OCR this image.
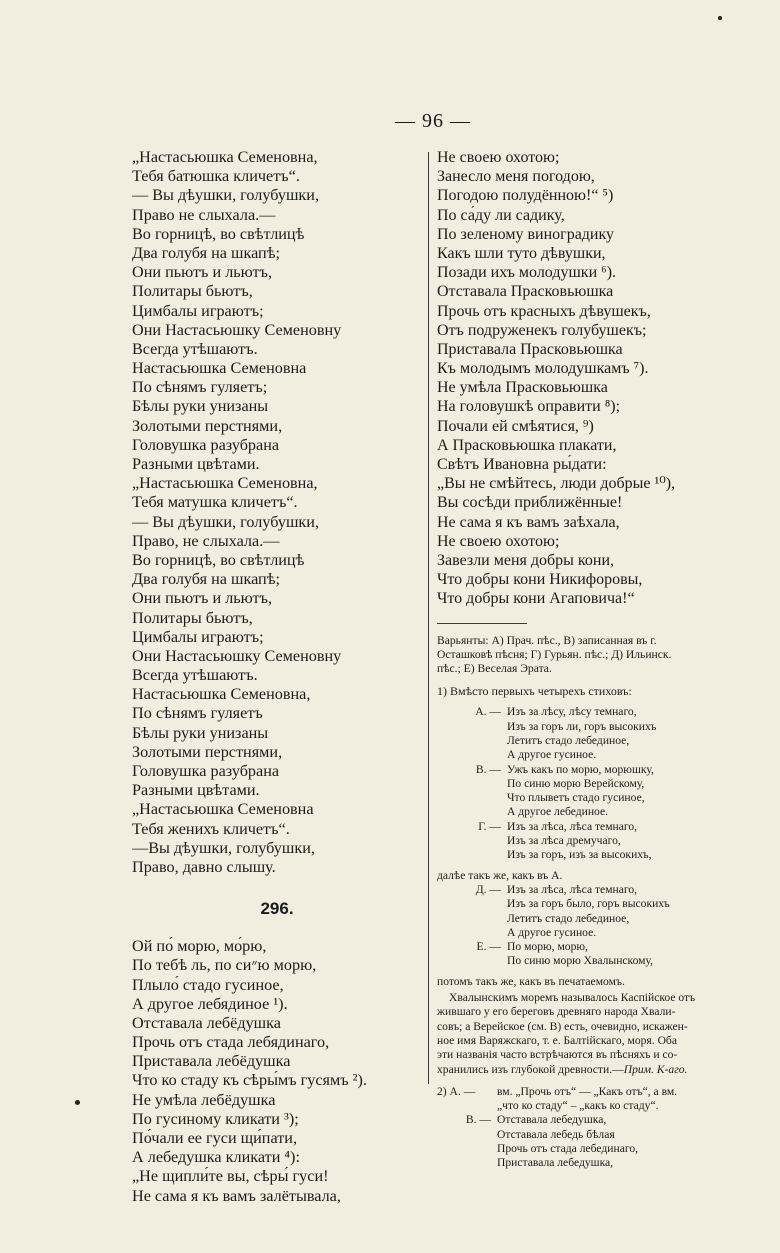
— 96 —
„Настасьюшка Семеновна,
Тебя батюшка кличетъ“.
— Вы дѣушки, голубушки,
Право не слыхала.—
Во горницѣ, во свѣтлицѣ
Два голубя на шкапѣ;
Они пьютъ и льютъ,
Политары бьютъ,
Цимбалы играютъ;
Они Настасьюшку Семеновну
Всегда утѣшаютъ.
Настасьюшка Семеновна
По сѣнямъ гуляетъ;
Бѣлы руки унизаны
Золотыми перстнями,
Головушка разубрана
Разными цвѣтами.
„Настасьюшка Семеновна,
Тебя матушка кличетъ“.
— Вы дѣушки, голубушки,
Право, не слыхала.—
Во горницѣ, во свѣтлицѣ
Два голубя на шкапѣ;
Они пьютъ и льютъ,
Политары бьютъ,
Цимбалы играютъ;
Они Настасьюшку Семеновну
Всегда утѣшаютъ.
Настасьюшка Семеновна,
По сѣнямъ гуляетъ
Бѣлы руки унизаны
Золотыми перстнями,
Головушка разубрана
Разными цвѣтами.
„Настасьюшка Семеновна
Тебя женихъ кличетъ“.
—Вы дѣушки, голубушки,
Право, давно слышу.
296.
Ой по́ морю, мо́рю,
По тебѣ ль, по си״ю морю,
Плыло́ стадо гусиное,
А другое лебядиное ¹).
Отставала лебёдушка
Прочь отъ стада лебядинаго,
Приставала лебёдушка
Что ко стаду къ сѣры́мъ гусямъ ²).
Не умѣла лебёдушка
По гусиному кликати ³);
По́чали ее гуси щи́пати,
А лебедушка кликати ⁴):
„Не щипли́те вы, сѣры́ гуси!
Не сама я къ вамъ залётывала,
Не своею охотою;
Занесло меня погодою,
Погодою полудённою!“ ⁵)
По са́ду ли садику,
По зеленому виноградику
Какъ шли туто дѣвушки,
Позади ихъ молодушки ⁶).
Отставала Прасковьюшка
Прочь отъ красныхъ дѣвушекъ,
Отъ подруженекъ голубушекъ;
Приставала Прасковьюшка
Къ молодымъ молодушкамъ ⁷).
Не умѣла Прасковьюшка
На головушкѣ оправити ⁸);
Почали ей смѣятися, ⁹)
А Прасковьюшка плакати,
Свѣтъ Ивановна ры́дати:
„Вы не смѣйтесь, люди добрые ¹⁰),
Вы сосѣди приближённые!
Не сама я къ вамъ заѣхала,
Не своею охотою;
Завезли меня добры кони,
Что добры кони Никифоровы,
Что добры кони Агаповича!“

Варьянты: А) Прач. пѣс., В) записанная въ г.

Осташковѣ пѣсня; Г) Гурьян. пѣс.; Д) Ильинск.

пѣс.; Е) Веселая Эрата.

1) Вмѣсто первыхъ четырехъ стиховъ:
А. — Изъ за лѣсу, лѣсу темнаго,
Изъ за горъ ли, горъ высокихъ
Летитъ стадо лебединое,
А другое гусиное.
В. — Ужъ какъ по морю, морюшку,
По синю морю Верейскому,
Что плыветъ стадо гусиное,
А другое лебединое.
Г. — Изъ за лѣса, лѣса темнаго,
Изъ за лѣса дремучаго,
Изъ за горъ, изъ за высокихъ,
далѣе такъ же, какъ въ А.
Д. — Изъ за лѣса, лѣса темнаго,
Изъ за горъ было, горъ высокихъ
Летитъ стадо лебединое,
А другое гусиное.
Е. — По морю, морю,
По синю морю Хвалынскому,
потомъ такъ же, какъ въ печатаемомъ.

Хвалынскимъ моремъ называлось Каспійское отъ

жившаго у его береговъ древняго народа Хвали-

совъ; а Верейское (см. В) есть, очевидно, искажен-

ное имя Варяжскаго, т. е. Балтійскаго, моря. Оба

эти названія часто встрѣчаются въ пѣсняхъ и со-

хранились изъ глубокой древности.—Прим. К-аго.

2) А. —	вм. „Прочь отъ“ — „Какъ отъ“, а вм.
„что ко стаду“ – „какъ ко стаду“.
В. — Отставала лебедушка,
Отставала лебедь бѣлая
Прочь отъ стада лебединаго,
Приставала лебедушка,
